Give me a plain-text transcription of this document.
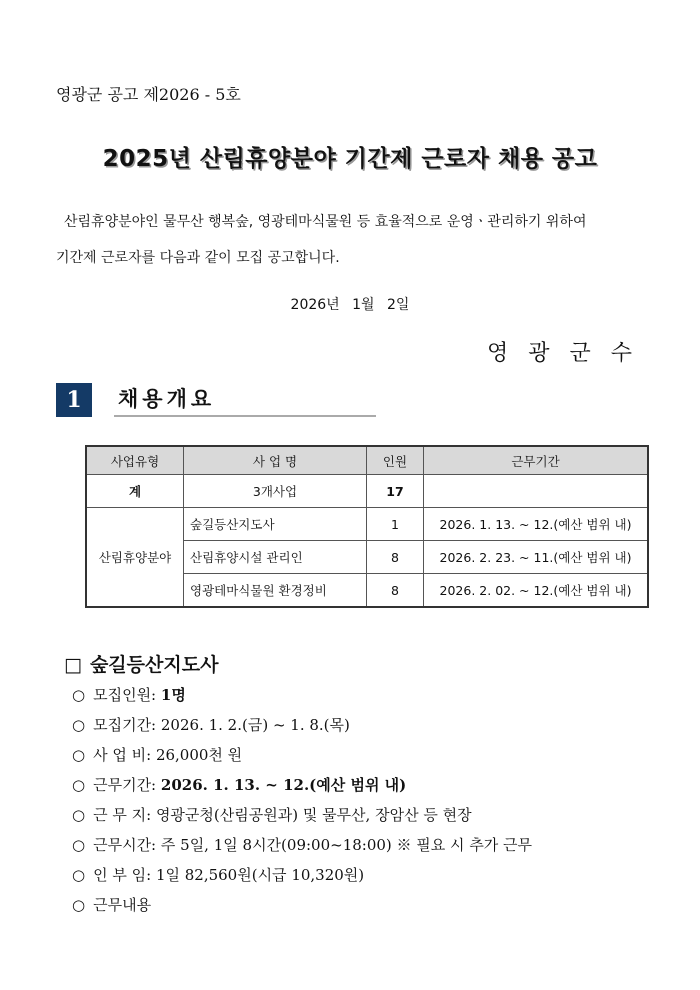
영광군 공고 제2026 - 5호
2025년 산림휴양분야 기간제 근로자 채용 공고
산림휴양분야인 물무산 행복숲, 영광테마식물원 등 효율적으로 운영ㆍ관리하기 위하여
기간제 근로자를 다음과 같이 모집 공고합니다.
2026년 1월 2일
영광군수
1	채용개요
사업유형	사 업 명	인원	근무기간
계	3개사업	17	
산림휴양분야	숲길등산지도사	1	2026. 1. 13. ~ 12.(예산 범위 내)
	산림휴양시설 관리인	8	2026. 2. 23. ~ 11.(예산 범위 내)
	영광테마식물원 환경정비	8	2026. 2. 02. ~ 12.(예산 범위 내)
□ 숲길등산지도사
○ 모집인원: 1명
○ 모집기간: 2026. 1. 2.(금) ~ 1. 8.(목)
○ 사 업 비: 26,000천 원
○ 근무기간: 2026. 1. 13. ~ 12.(예산 범위 내)
○ 근 무 지: 영광군청(산림공원과) 및 물무산, 장암산 등 현장
○ 근무시간: 주 5일, 1일 8시간(09:00~18:00) ※ 필요 시 추가 근무
○ 인 부 임: 1일 82,560원(시급 10,320원)
○ 근무내용
